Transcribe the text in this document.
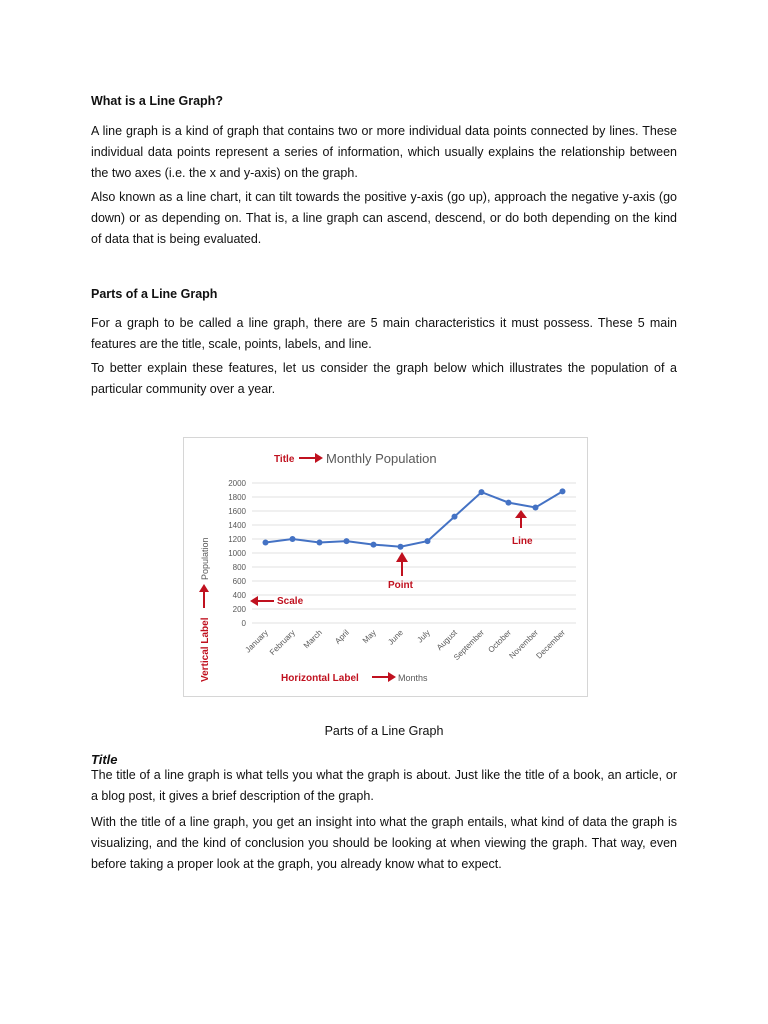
What is a Line Graph?

A line graph is a kind of graph that contains two or more individual data points connected by lines. These individual data points represent a series of information, which usually explains the relationship between the two axes (i.e. the x and y-axis) on the graph.

Also known as a line chart, it can tilt towards the positive y-axis (go up), approach the negative y-axis (go down) or as depending on. That is, a line graph can ascend, descend, or do both depending on the kind of data that is being evaluated.

Parts of a Line Graph

For a graph to be called a line graph, there are 5 main characteristics it must possess. These 5 main features are the title, scale, points, labels, and line.

To better explain these features, let us consider the graph below which illustrates the population of a particular community over a year.

Parts of a Line Graph

Title

The title of a line graph is what tells you what the graph is about. Just like the title of a book, an article, or a blog post, it gives a brief description of the graph.

With the title of a line graph, you get an insight into what the graph entails, what kind of data the graph is visualizing, and the kind of conclusion you should be looking at when viewing the graph. That way, even before taking a proper look at the graph, you already know what to expect.

0
200
400
600
800
1000
1200
1400
1600
1800
2000
January
February March April May June July August
September October
November
December
Title Monthly Population
Line
Point
Scale
Vertical Label
Population
Horizontal Label	Months
